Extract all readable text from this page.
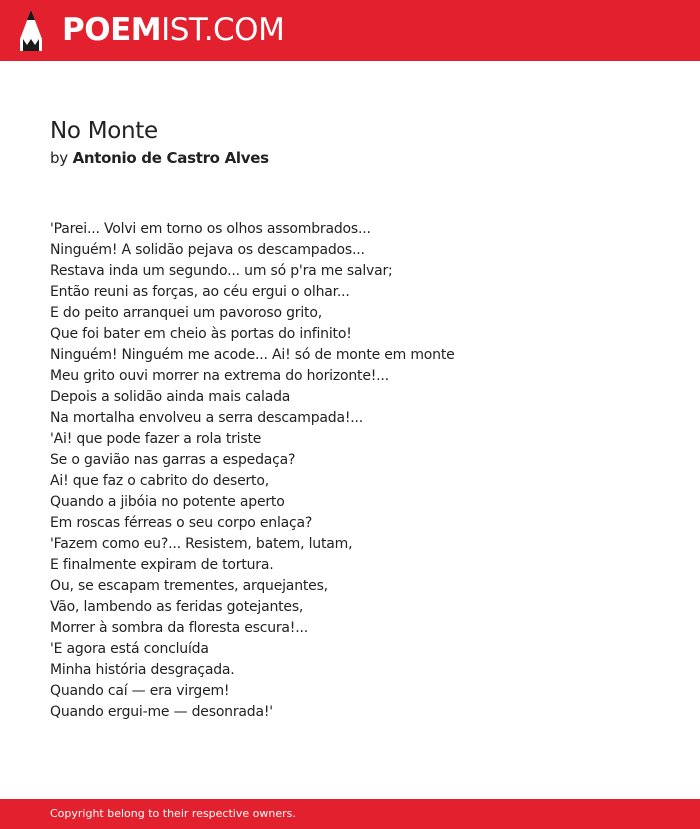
POEMIST.COM
No Monte
by Antonio de Castro Alves
'Parei... Volvi em torno os olhos assombrados...
Ninguém! A solidão pejava os descampados...
Restava inda um segundo... um só p'ra me salvar;
Então reuni as forças, ao céu ergui o olhar...
E do peito arranquei um pavoroso grito,
Que foi bater em cheio às portas do infinito!
Ninguém! Ninguém me acode... Ai! só de monte em monte
Meu grito ouvi morrer na extrema do horizonte!...
Depois a solidão ainda mais calada
Na mortalha envolveu a serra descampada!...
'Ai! que pode fazer a rola triste
Se o gavião nas garras a espedaça?
Ai! que faz o cabrito do deserto,
Quando a jibóia no potente aperto
Em roscas férreas o seu corpo enlaça?
'Fazem como eu?... Resistem, batem, lutam,
E finalmente expiram de tortura.
Ou, se escapam trementes, arquejantes,
Vão, lambendo as feridas gotejantes,
Morrer à sombra da floresta escura!...
'E agora está concluída
Minha história desgraçada.
Quando caí — era virgem!
Quando ergui-me — desonrada!'
Copyright belong to their respective owners.
